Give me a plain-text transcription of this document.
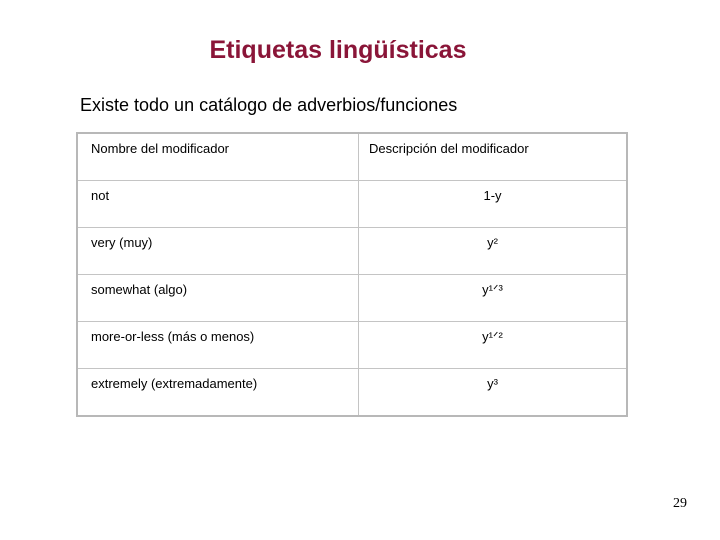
Etiquetas lingüísticas
Existe todo un catálogo de adverbios/funciones
Nombre del modificador	Descripción del modificador
not	1-y
very (muy)	y²
somewhat (algo)	y¹ᐟ³
more-or-less (más o menos)	y¹ᐟ²
extremely (extremadamente)	y³
29
